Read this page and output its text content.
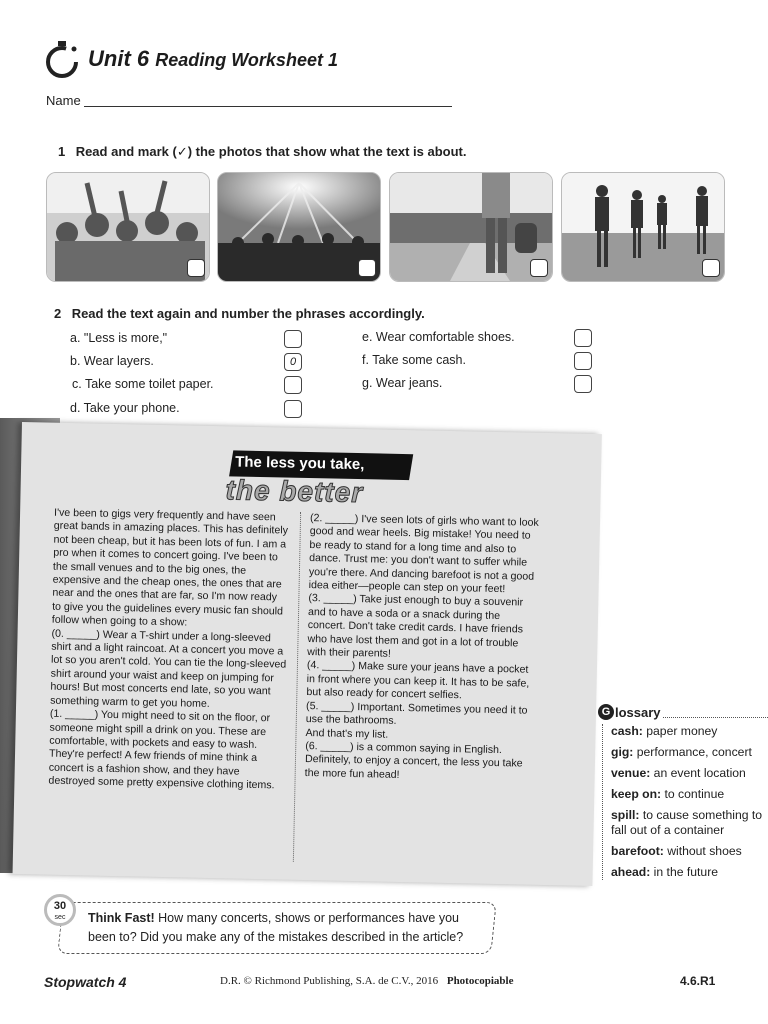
Unit 6 Reading Worksheet 1
Name
1 Read and mark (✓) the photos that show what the text is about.
2 Read the text again and number the phrases accordingly.
a. "Less is more,"
b. Wear layers.	0
c. Take some toilet paper.
d. Take your phone.
e. Wear comfortable shoes.
f. Take some cash.
g. Wear jeans.
The less you take,
the better

I've been to gigs very frequently and have seen great bands in amazing places. This has definitely not been cheap, but it has been lots of fun. I am a pro when it comes to concert going. I've been to the small venues and to the big ones, the expensive and the cheap ones, the ones that are near and the ones that are far, so I'm now ready to give you the guidelines every music fan should follow when going to a show:

(0. _____) Wear a T-shirt under a long-sleeved shirt and a light raincoat. At a concert you move a lot so you aren't cold. You can tie the long-sleeved shirt around your waist and keep on jumping for hours! But most concerts end late, so you want something warm to get you home.

(1. _____) You might need to sit on the floor, or someone might spill a drink on you. These are comfortable, with pockets and easy to wash. They're perfect! A few friends of mine think a concert is a fashion show, and they have destroyed some pretty expensive clothing items.

(2. _____) I've seen lots of girls who want to look good and wear heels. Big mistake! You need to be ready to stand for a long time and also to dance. Trust me: you don't want to suffer while you're there. And dancing barefoot is not a good idea either—people can step on your feet!

(3. _____) Take just enough to buy a souvenir and to have a soda or a snack during the concert. Don't take credit cards. I have friends who have lost them and got in a lot of trouble with their parents!

(4. _____) Make sure your jeans have a pocket in front where you can keep it. It has to be safe, but also ready for concert selfies.

(5. _____) Important. Sometimes you need it to use the bathrooms.

And that's my list.

(6. _____) is a common saying in English. Definitely, to enjoy a concert, the less you take the more fun ahead!

G lossary
cash: paper money
gig: performance, concert
venue: an event location
keep on: to continue
spill: to cause something to fall out of a container
barefoot: without shoes
ahead: in the future
30
sec	Think Fast! How many concerts, shows or performances have you been to? Did you make any of the mistakes described in the article?
Stopwatch 4	D.R. © Richmond Publishing, S.A. de C.V., 2016 Photocopiable	4.6.R1
